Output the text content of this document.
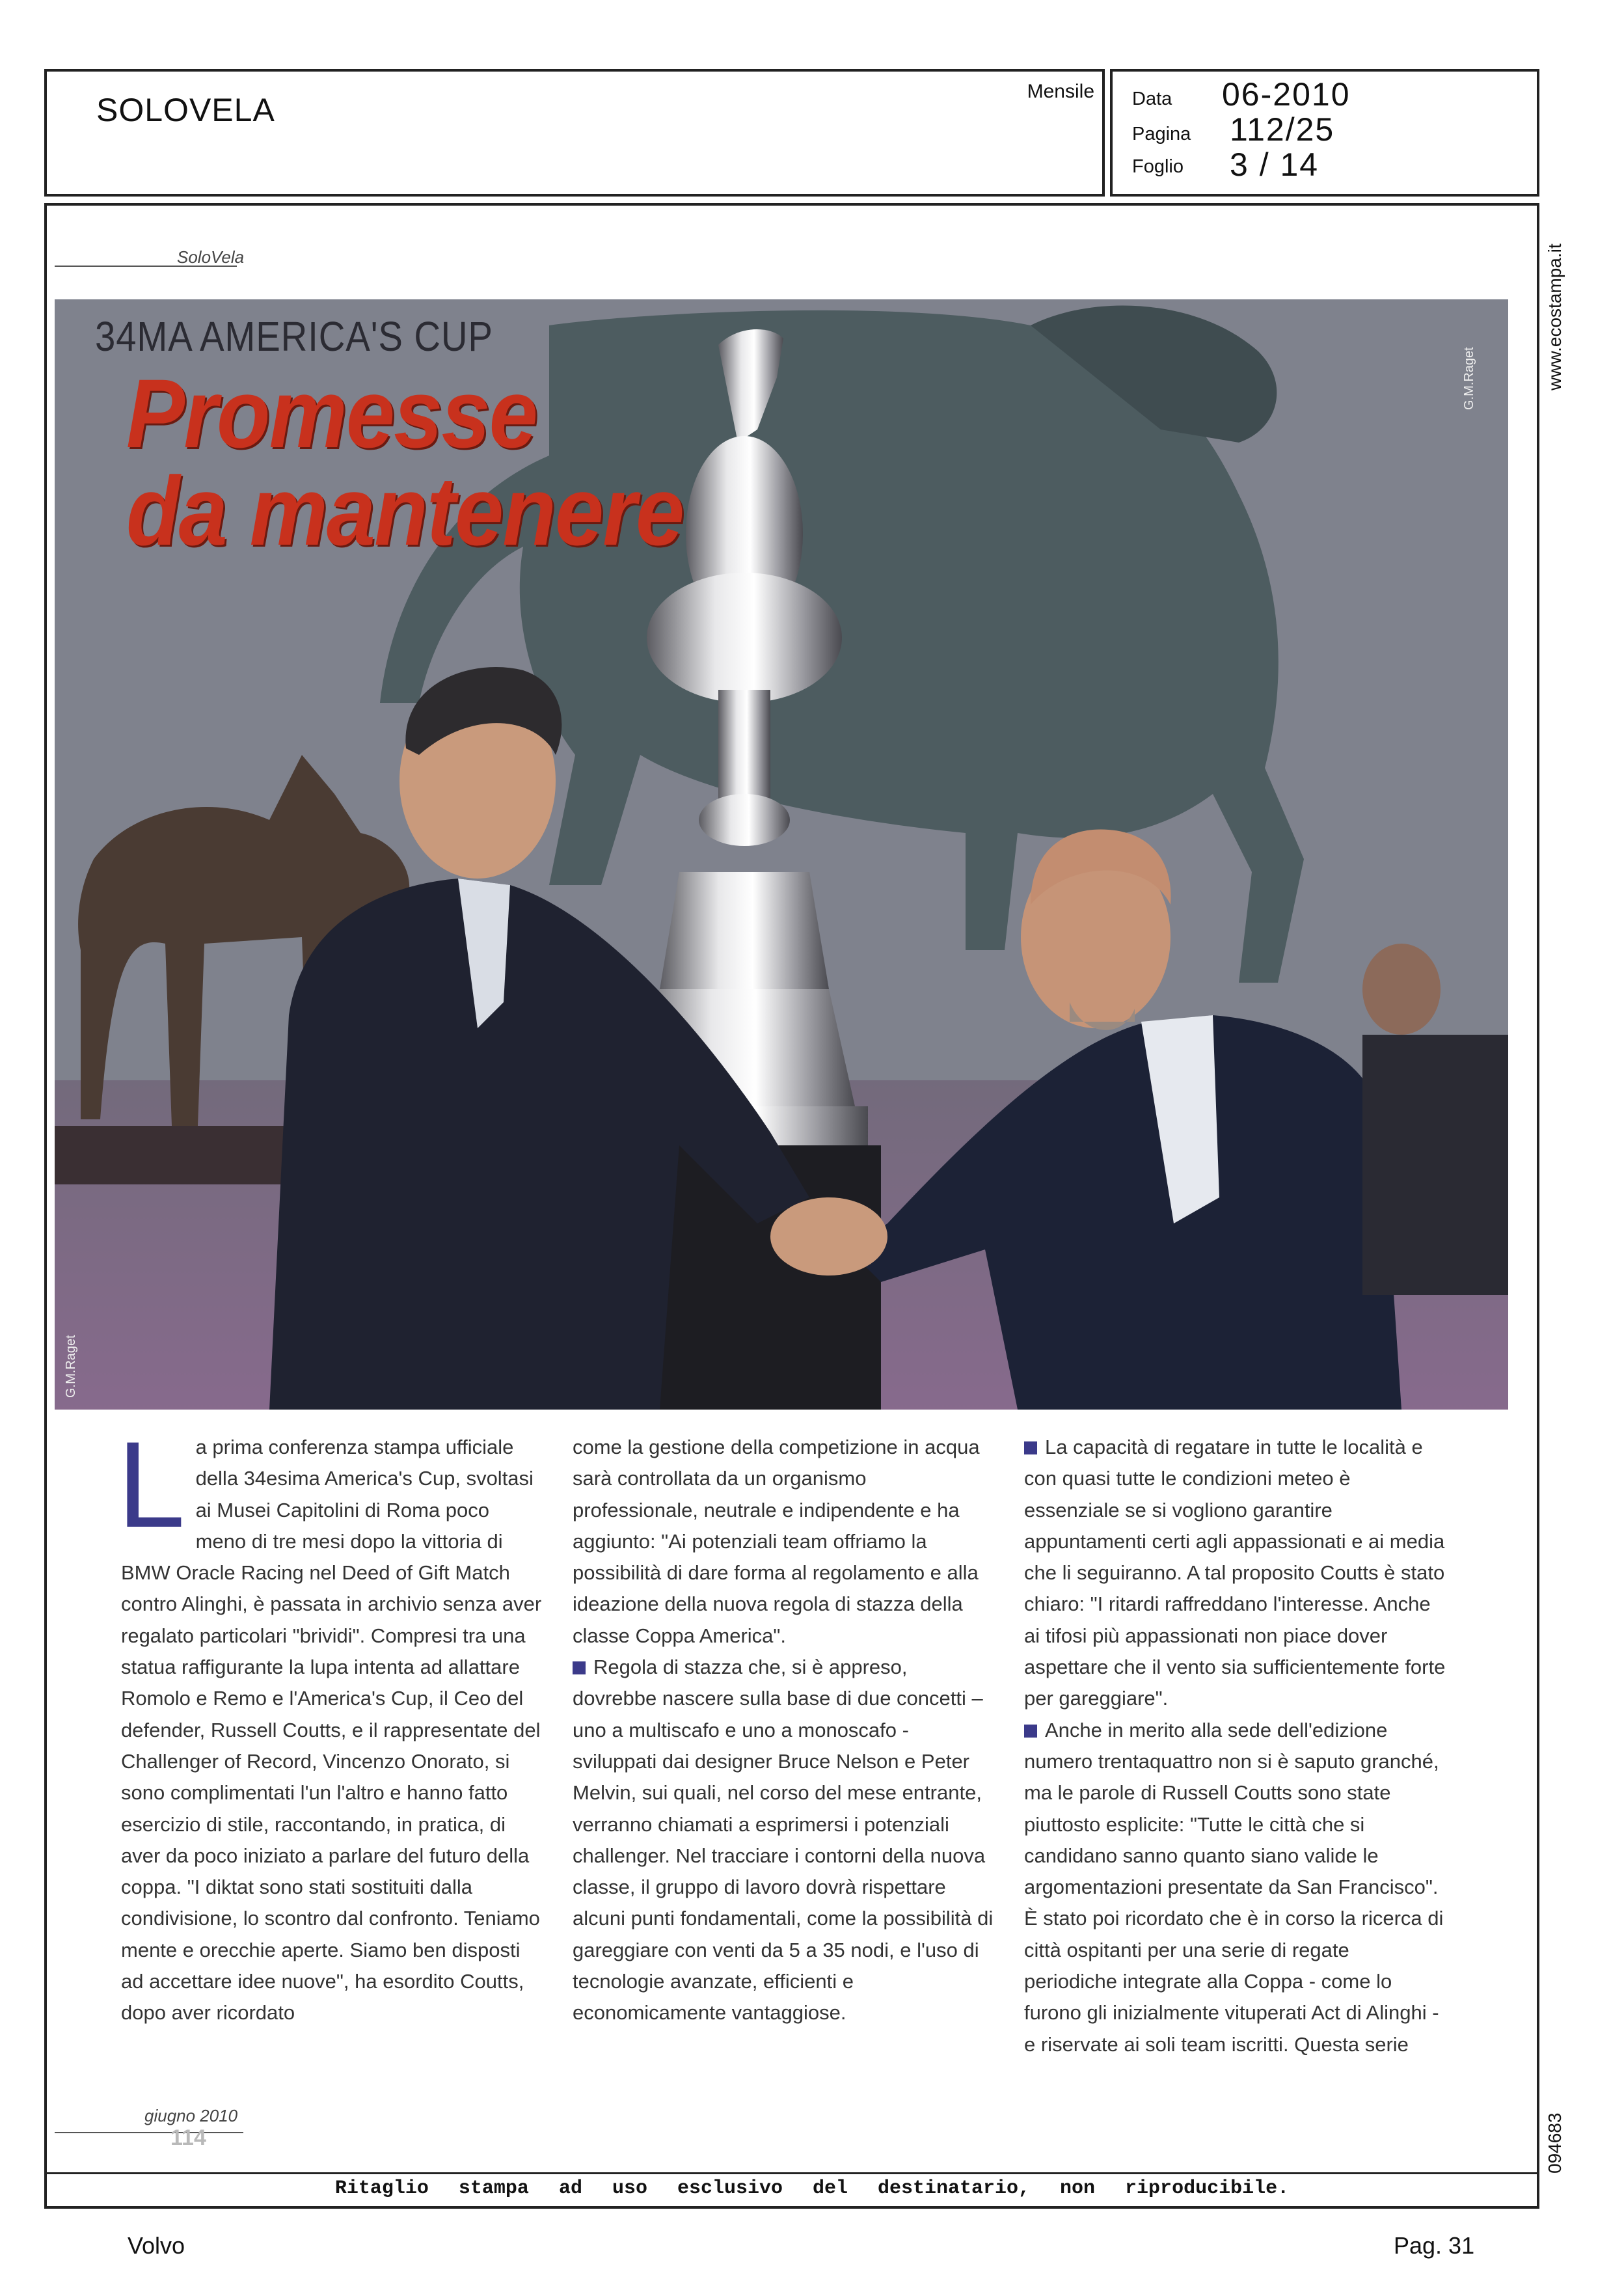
SOLOVELA
Mensile Data 06-2010
Pagina 112/25
Foglio 3 / 14
www.ecostampa.it
094683
SoloVela
34MA AMERICA'S CUP
Promesse
da mantenere
G.M.Raget
G.M.Raget

La prima conferenza stampa ufficiale della 34esima America's Cup, svoltasi ai Musei Capitolini di Roma poco meno di tre mesi dopo la vittoria di BMW Oracle Racing nel Deed of Gift Match contro Alinghi, è passata in archivio senza aver regalato particolari "brividi". Compresi tra una statua raffigurante la lupa intenta ad allattare Romolo e Remo e l'America's Cup, il Ceo del defender, Russell Coutts, e il rappresentate del Challenger of Record, Vincenzo Onorato, si sono complimentati l'un l'altro e hanno fatto esercizio di stile, raccontando, in pratica, di aver da poco iniziato a parlare del futuro della coppa. "I diktat sono stati sostituiti dalla condivisione, lo scontro dal confronto. Teniamo mente e orecchie aperte. Siamo ben disposti ad accettare idee nuove", ha esordito Coutts, dopo aver ricordato

come la gestione della competizione in acqua sarà controllata da un organismo professionale, neutrale e indipendente e ha aggiunto: "Ai potenziali team offriamo la possibilità di dare forma al regolamento e alla ideazione della nuova regola di stazza della classe Coppa America".

Regola di stazza che, si è appreso, dovrebbe nascere sulla base di due concetti – uno a multiscafo e uno a monoscafo - sviluppati dai designer Bruce Nelson e Peter Melvin, sui quali, nel corso del mese entrante, verranno chiamati a esprimersi i potenziali challenger. Nel tracciare i contorni della nuova classe, il gruppo di lavoro dovrà rispettare alcuni punti fondamentali, come la possibilità di gareggiare con venti da 5 a 35 nodi, e l'uso di tecnologie avanzate, efficienti e economicamente vantaggiose.

La capacità di regatare in tutte le località e con quasi tutte le condizioni meteo è essenziale se si vogliono garantire appuntamenti certi agli appassionati e ai media che li seguiranno. A tal proposito Coutts è stato chiaro: "I ritardi raffreddano l'interesse. Anche ai tifosi più appassionati non piace dover aspettare che il vento sia sufficientemente forte per gareggiare".

Anche in merito alla sede dell'edizione numero trentaquattro non si è saputo granché, ma le parole di Russell Coutts sono state piuttosto esplicite: "Tutte le città che si candidano sanno quanto siano valide le argomentazioni presentate da San Francisco". È stato poi ricordato che è in corso la ricerca di città ospitanti per una serie di regate periodiche integrate alla Coppa - come lo furono gli inizialmente vituperati Act di Alinghi - e riservate ai soli team iscritti. Questa serie

giugno 2010
114
Ritaglio stampa ad uso esclusivo del destinatario, non riproducibile.
Volvo	Pag. 31
